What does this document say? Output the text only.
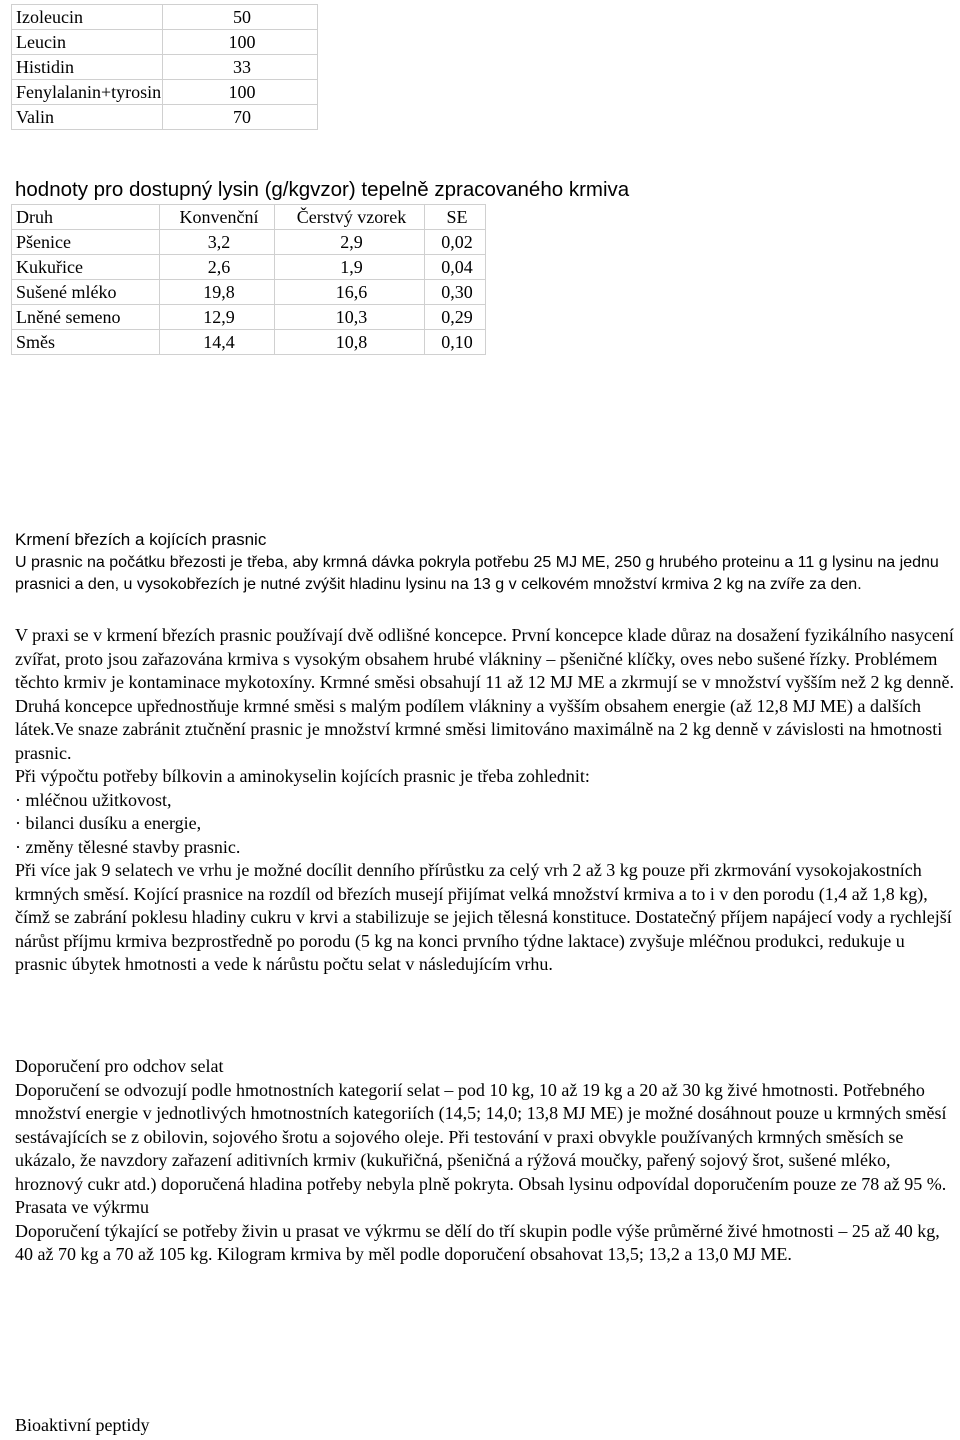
Izoleucin	50
Leucin	100
Histidin	33
Fenylalanin+tyrosin	100
Valin	70
hodnoty pro dostupný lysin (g/kgvzor) tepelně zpracovaného krmiva
Druh	Konvenční	Čerstvý vzorek	SE
Pšenice	3,2	2,9	0,02
Kukuřice	2,6	1,9	0,04
Sušené mléko	19,8	16,6	0,30
Lněné semeno	12,9	10,3	0,29
Směs	14,4	10,8	0,10
Krmení březích a kojících prasnic

U prasnic na počátku březosti je třeba, aby krmná dávka pokryla potřebu 25 MJ ME, 250 g hrubého proteinu a 11 g lysinu na jednu prasnici a den, u vysokobřezích je nutné zvýšit hladinu lysinu na 13 g v celkovém množství krmiva 2 kg na zvíře za den.

V praxi se v krmení březích prasnic používají dvě odlišné koncepce. První koncepce klade důraz na dosažení fyzikálního nasycení zvířat, proto jsou zařazována krmiva s vysokým obsahem hrubé vlákniny – pšeničné klíčky, oves nebo sušené řízky. Problémem těchto krmiv je kontaminace mykotoxíny. Krmné směsi obsahují 11 až 12 MJ ME a zkrmují se v množství vyšším než 2 kg denně.
Druhá koncepce upřednostňuje krmné směsi s malým podílem vlákniny a vyšším obsahem energie (až 12,8 MJ ME) a dalších látek.Ve snaze zabránit ztučnění prasnic je množství krmné směsi limitováno maximálně na 2 kg denně v závislosti na hmotnosti prasnic.
Při výpočtu potřeby bílkovin a aminokyselin kojících prasnic je třeba zohlednit:
· mléčnou užitkovost,
· bilanci dusíku a energie,
· změny tělesné stavby prasnic.
Při více jak 9 selatech ve vrhu je možné docílit denního přírůstku za celý vrh 2 až 3 kg pouze při zkrmování vysokojakostních krmných směsí. Kojící prasnice na rozdíl od březích musejí přijímat velká množství krmiva a to i v den porodu (1,4 až 1,8 kg), čímž se zabrání poklesu hladiny cukru v krvi a stabilizuje se jejich tělesná konstituce. Dostatečný příjem napájecí vody a rychlejší nárůst příjmu krmiva bezprostředně po porodu (5 kg na konci prvního týdne laktace) zvyšuje mléčnou produkci, redukuje u prasnic úbytek hmotnosti a vede k nárůstu počtu selat v následujícím vrhu.
Doporučení pro odchov selat
Doporučení se odvozují podle hmotnostních kategorií selat – pod 10 kg, 10 až 19 kg a 20 až 30 kg živé hmotnosti. Potřebného množství energie v jednotlivých hmotnostních kategoriích (14,5; 14,0; 13,8 MJ ME) je možné dosáhnout pouze u krmných směsí sestávajících se z obilovin, sojového šrotu a sojového oleje. Při testování v praxi obvykle používaných krmných směsích se ukázalo, že navzdory zařazení aditivních krmiv (kukuřičná, pšeničná a rýžová moučky, pařený sojový šrot, sušené mléko, hroznový cukr atd.) doporučená hladina potřeby nebyla plně pokryta. Obsah lysinu odpovídal doporučením pouze ze 78 až 95 %.
Prasata ve výkrmu
Doporučení týkající se potřeby živin u prasat ve výkrmu se dělí do tří skupin podle výše průměrné živé hmotnosti – 25 až 40 kg, 40 až 70 kg a 70 až 105 kg. Kilogram krmiva by měl podle doporučení obsahovat 13,5; 13,2 a 13,0 MJ ME.
Bioaktivní peptidy
